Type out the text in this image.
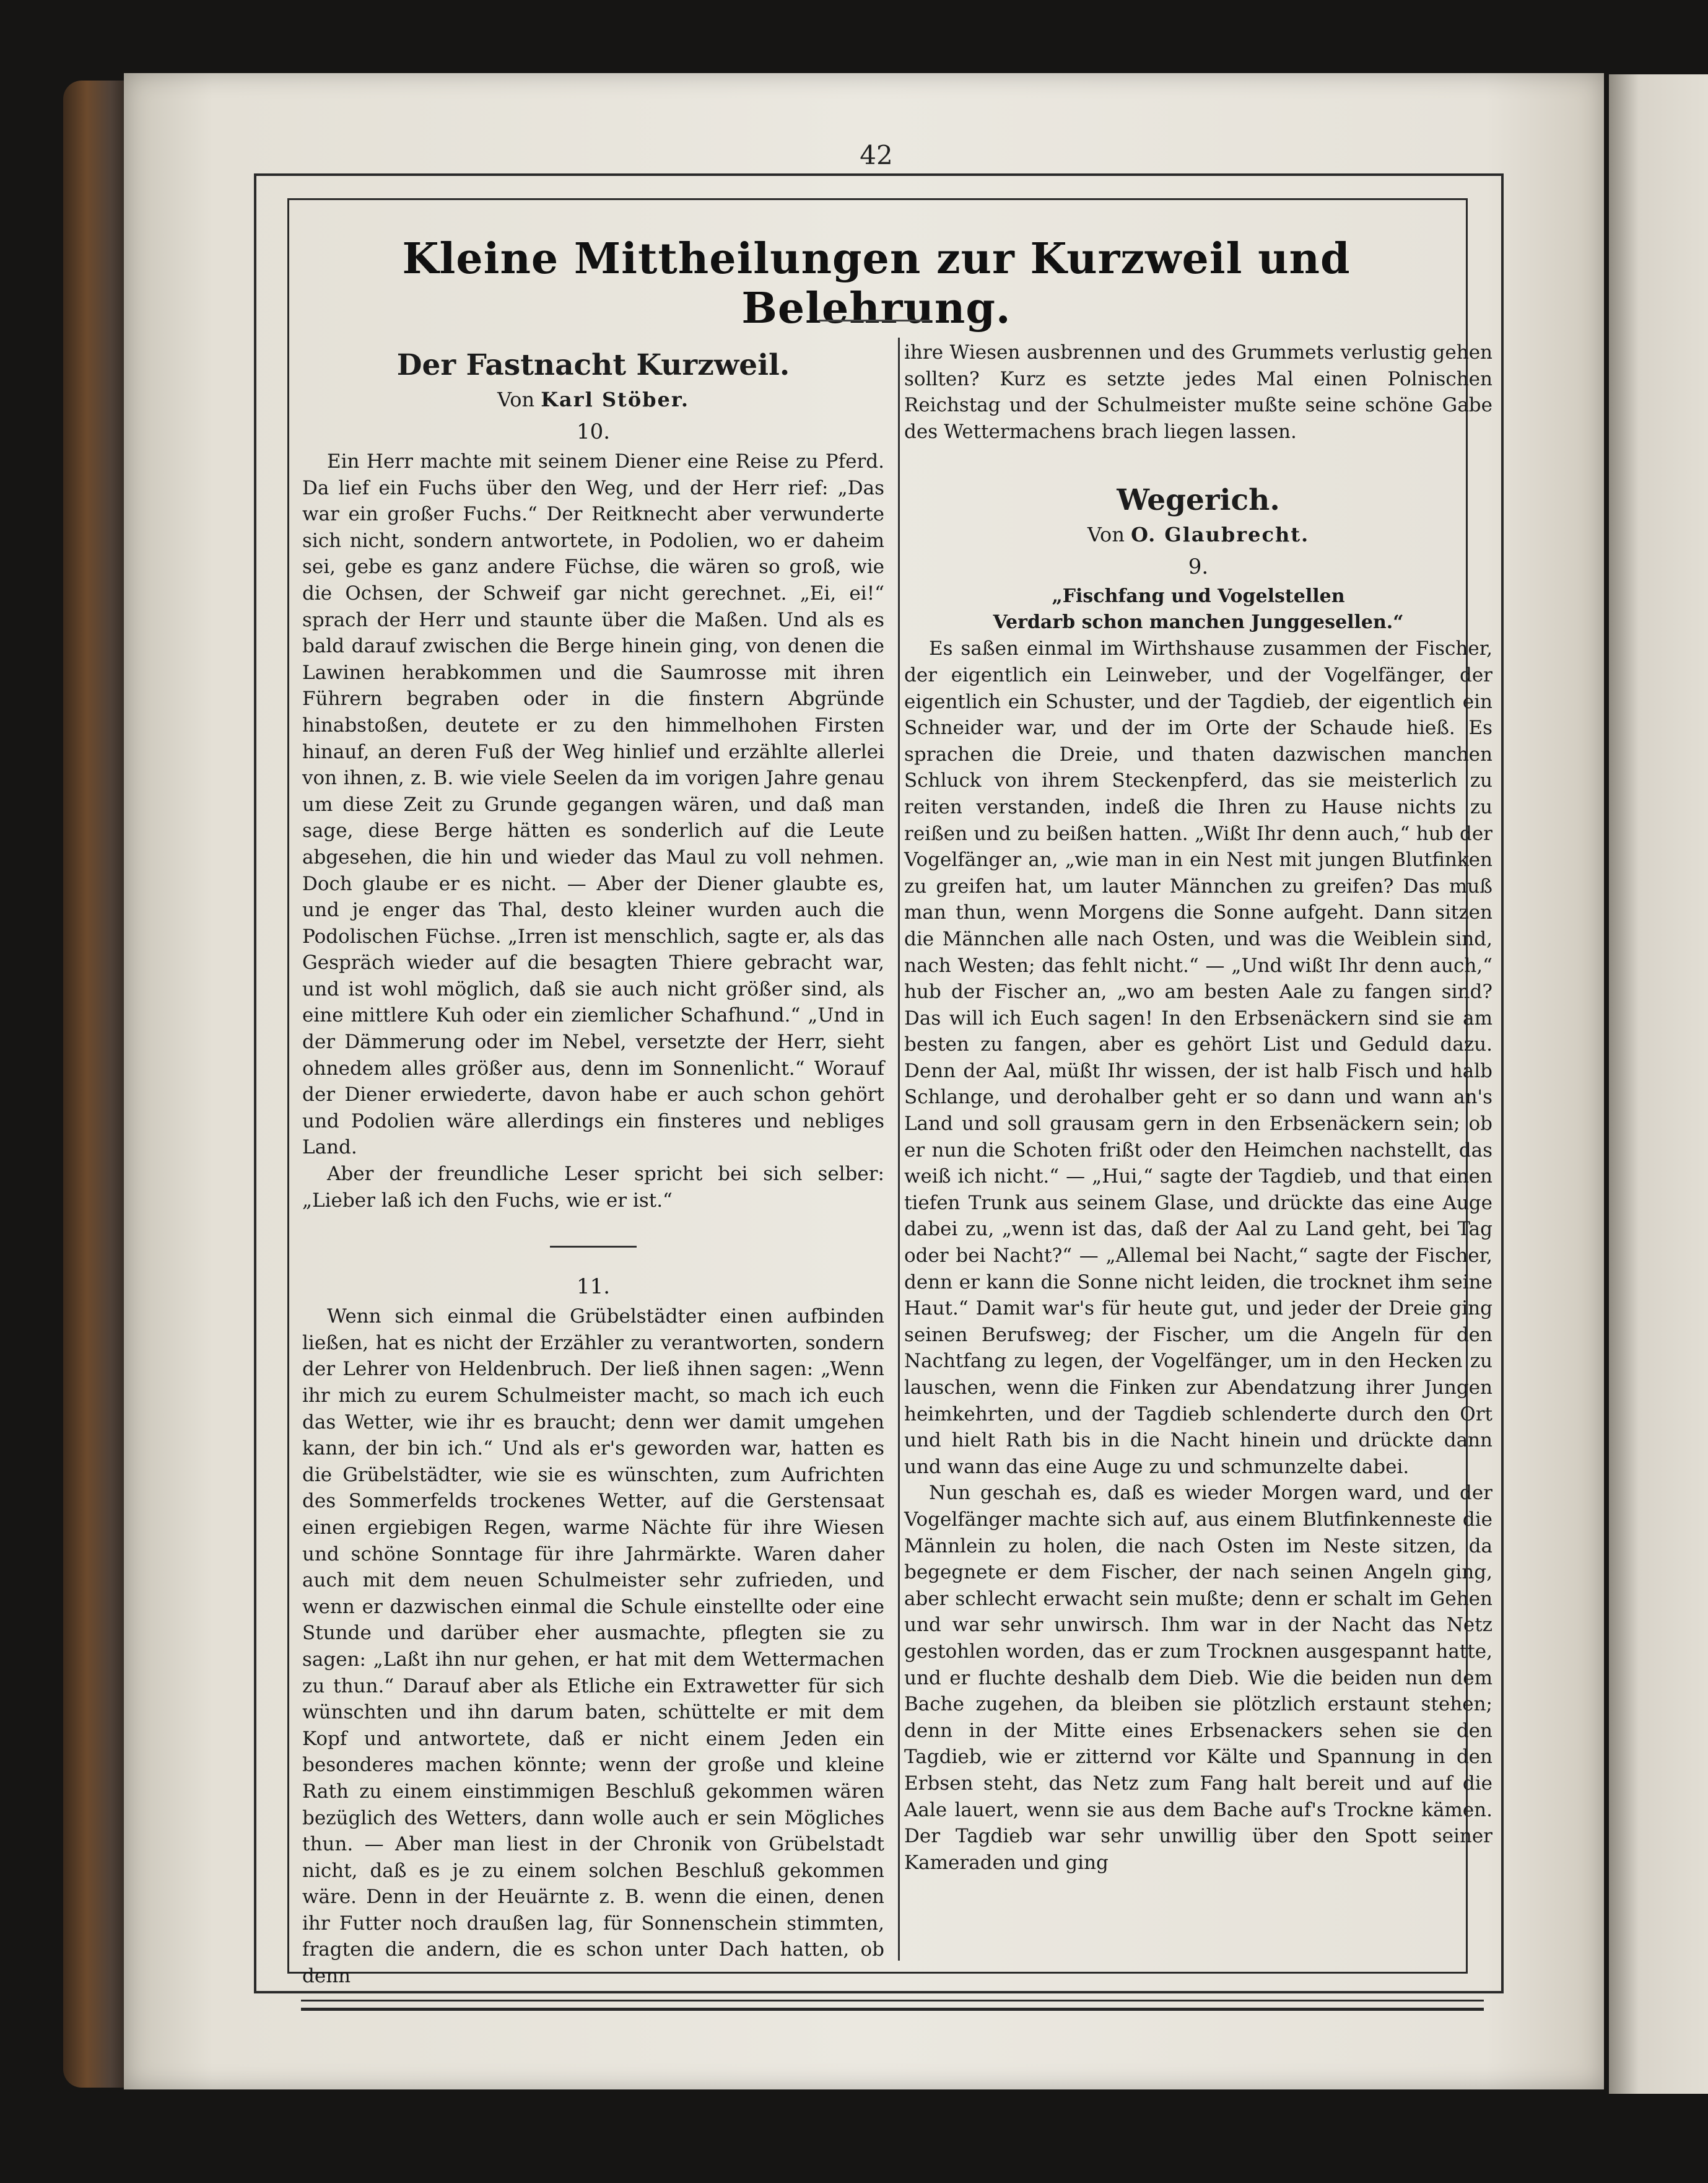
42
Kleine Mittheilungen zur Kurzweil und Belehrung.
Der Fastnacht Kurzweil.
Von Karl Stöber.
10.

Ein Herr machte mit seinem Diener eine Reise zu Pferd. Da lief ein Fuchs über den Weg, und der Herr rief: „Das war ein großer Fuchs.“ Der Reitknecht aber verwunderte sich nicht, sondern antwortete, in Podolien, wo er daheim sei, gebe es ganz andere Füchse, die wären so groß, wie die Ochsen, der Schweif gar nicht gerechnet. „Ei, ei!“ sprach der Herr und staunte über die Maßen. Und als es bald darauf zwischen die Berge hinein ging, von denen die Lawinen herabkommen und die Saumrosse mit ihren Führern begraben oder in die finstern Abgründe hinabstoßen, deutete er zu den himmelhohen Firsten hinauf, an deren Fuß der Weg hinlief und erzählte allerlei von ihnen, z. B. wie viele Seelen da im vorigen Jahre genau um diese Zeit zu Grunde gegangen wären, und daß man sage, diese Berge hätten es sonderlich auf die Leute abgesehen, die hin und wieder das Maul zu voll nehmen. Doch glaube er es nicht. — Aber der Diener glaubte es, und je enger das Thal, desto kleiner wurden auch die Podolischen Füchse. „Irren ist menschlich, sagte er, als das Gespräch wieder auf die besagten Thiere gebracht war, und ist wohl möglich, daß sie auch nicht größer sind, als eine mittlere Kuh oder ein ziemlicher Schafhund.“ „Und in der Dämmerung oder im Nebel, versetzte der Herr, sieht ohnedem alles größer aus, denn im Sonnenlicht.“ Worauf der Diener erwiederte, davon habe er auch schon gehört und Podolien wäre allerdings ein finsteres und nebliges Land.

Aber der freundliche Leser spricht bei sich selber: „Lieber laß ich den Fuchs, wie er ist.“

11.

Wenn sich einmal die Grübelstädter einen aufbinden ließen, hat es nicht der Erzähler zu verantworten, sondern der Lehrer von Heldenbruch. Der ließ ihnen sagen: „Wenn ihr mich zu eurem Schulmeister macht, so mach ich euch das Wetter, wie ihr es braucht; denn wer damit umgehen kann, der bin ich.“ Und als er's geworden war, hatten es die Grübelstädter, wie sie es wünschten, zum Aufrichten des Sommerfelds trockenes Wetter, auf die Gerstensaat einen ergiebigen Regen, warme Nächte für ihre Wiesen und schöne Sonntage für ihre Jahrmärkte. Waren daher auch mit dem neuen Schulmeister sehr zufrieden, und wenn er dazwischen einmal die Schule einstellte oder eine Stunde und darüber eher ausmachte, pflegten sie zu sagen: „Laßt ihn nur gehen, er hat mit dem Wettermachen zu thun.“ Darauf aber als Etliche ein Extrawetter für sich wünschten und ihn darum baten, schüttelte er mit dem Kopf und antwortete, daß er nicht einem Jeden ein besonderes machen könnte; wenn der große und kleine Rath zu einem einstimmigen Beschluß gekommen wären bezüglich des Wetters, dann wolle auch er sein Mögliches thun. — Aber man liest in der Chronik von Grübelstadt nicht, daß es je zu einem solchen Beschluß gekommen wäre. Denn in der Heuärnte z. B. wenn die einen, denen ihr Futter noch draußen lag, für Sonnenschein stimmten, fragten die andern, die es schon unter Dach hatten, ob denn

ihre Wiesen ausbrennen und des Grummets verlustig gehen sollten? Kurz es setzte jedes Mal einen Polnischen Reichstag und der Schulmeister mußte seine schöne Gabe des Wettermachens brach liegen lassen.

Wegerich.
Von O. Glaubrecht.
9.
„Fischfang und Vogelstellen
Verdarb schon manchen Junggesellen.“

Es saßen einmal im Wirthshause zusammen der Fischer, der eigentlich ein Leinweber, und der Vogelfänger, der eigentlich ein Schuster, und der Tagdieb, der eigentlich ein Schneider war, und der im Orte der Schaude hieß. Es sprachen die Dreie, und thaten dazwischen manchen Schluck von ihrem Steckenpferd, das sie meisterlich zu reiten verstanden, indeß die Ihren zu Hause nichts zu reißen und zu beißen hatten. „Wißt Ihr denn auch,“ hub der Vogelfänger an, „wie man in ein Nest mit jungen Blutfinken zu greifen hat, um lauter Männchen zu greifen? Das muß man thun, wenn Morgens die Sonne aufgeht. Dann sitzen die Männchen alle nach Osten, und was die Weiblein sind, nach Westen; das fehlt nicht.“ — „Und wißt Ihr denn auch,“ hub der Fischer an, „wo am besten Aale zu fangen sind? Das will ich Euch sagen! In den Erbsenäckern sind sie am besten zu fangen, aber es gehört List und Geduld dazu. Denn der Aal, müßt Ihr wissen, der ist halb Fisch und halb Schlange, und derohalber geht er so dann und wann an's Land und soll grausam gern in den Erbsenäckern sein; ob er nun die Schoten frißt oder den Heimchen nachstellt, das weiß ich nicht.“ — „Hui,“ sagte der Tagdieb, und that einen tiefen Trunk aus seinem Glase, und drückte das eine Auge dabei zu, „wenn ist das, daß der Aal zu Land geht, bei Tag oder bei Nacht?“ — „Allemal bei Nacht,“ sagte der Fischer, denn er kann die Sonne nicht leiden, die trocknet ihm seine Haut.“ Damit war's für heute gut, und jeder der Dreie ging seinen Berufsweg; der Fischer, um die Angeln für den Nachtfang zu legen, der Vogelfänger, um in den Hecken zu lauschen, wenn die Finken zur Abendatzung ihrer Jungen heimkehrten, und der Tagdieb schlenderte durch den Ort und hielt Rath bis in die Nacht hinein und drückte dann und wann das eine Auge zu und schmunzelte dabei.

Nun geschah es, daß es wieder Morgen ward, und der Vogelfänger machte sich auf, aus einem Blutfinkenneste die Männlein zu holen, die nach Osten im Neste sitzen, da begegnete er dem Fischer, der nach seinen Angeln ging, aber schlecht erwacht sein mußte; denn er schalt im Gehen und war sehr unwirsch. Ihm war in der Nacht das Netz gestohlen worden, das er zum Trocknen ausgespannt hatte, und er fluchte deshalb dem Dieb. Wie die beiden nun dem Bache zugehen, da bleiben sie plötzlich erstaunt stehen; denn in der Mitte eines Erbsenackers sehen sie den Tagdieb, wie er zitternd vor Kälte und Spannung in den Erbsen steht, das Netz zum Fang halt bereit und auf die Aale lauert, wenn sie aus dem Bache auf's Trockne kämen. Der Tagdieb war sehr unwillig über den Spott seiner Kameraden und ging
